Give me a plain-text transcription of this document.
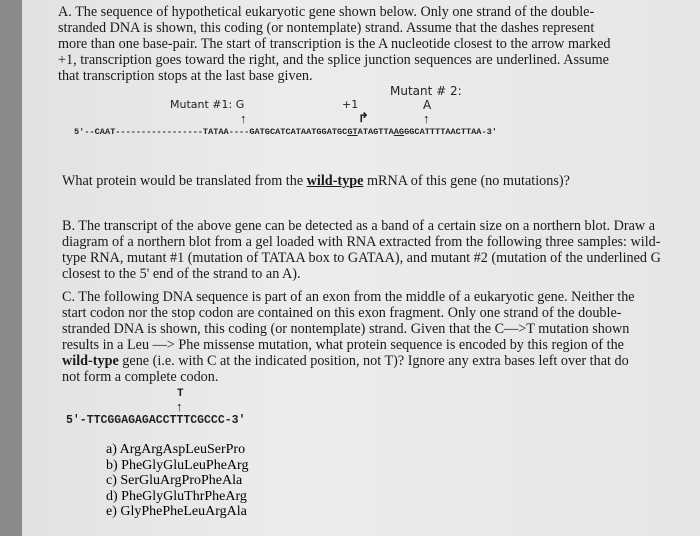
A. The sequence of hypothetical eukaryotic gene shown below. Only one strand of the double-
stranded DNA is shown, this coding (or nontemplate) strand. Assume that the dashes represent
more than one base-pair. The start of transcription is the A nucleotide closest to the arrow marked
+1, transcription goes toward the right, and the splice junction sequences are underlined. Assume
that transcription stops at the last base given.
Mutant # 2:
Mutant #1: G	A
+1
↑	↑
↱
5'--CAAT-----------------TATAA----GATGCATCATAATGGATGCGTATAGTTAAGGGCATTTTAACTTAA-3'
What protein would be translated from the wild-type mRNA of this gene (no mutations)?
B. The transcript of the above gene can be detected as a band of a certain size on a northern blot. Draw a
diagram of a northern blot from a gel loaded with RNA extracted from the following three samples: wild-
type RNA, mutant #1 (mutation of TATAA box to GATAA), and mutant #2 (mutation of the underlined G
closest to the 5' end of the strand to an A).
C. The following DNA sequence is part of an exon from the middle of a eukaryotic gene. Neither the
start codon nor the stop codon are contained on this exon fragment. Only one strand of the double-
stranded DNA is shown, this coding (or nontemplate) strand. Given that the C—>T mutation shown
results in a Leu —> Phe missense mutation, what protein sequence is encoded by this region of the
wild-type gene (i.e. with C at the indicated position, not T)? Ignore any extra bases left over that do
not form a complete codon.
T
↑
5'-TTCGGAGAGACCTTTCGCCC-3'
a) ArgArgAspLeuSerPro
b) PheGlyGluLeuPheArg
c) SerGluArgProPheAla
d) PheGlyGluThrPheArg
e) GlyPhePheLeuArgAla
